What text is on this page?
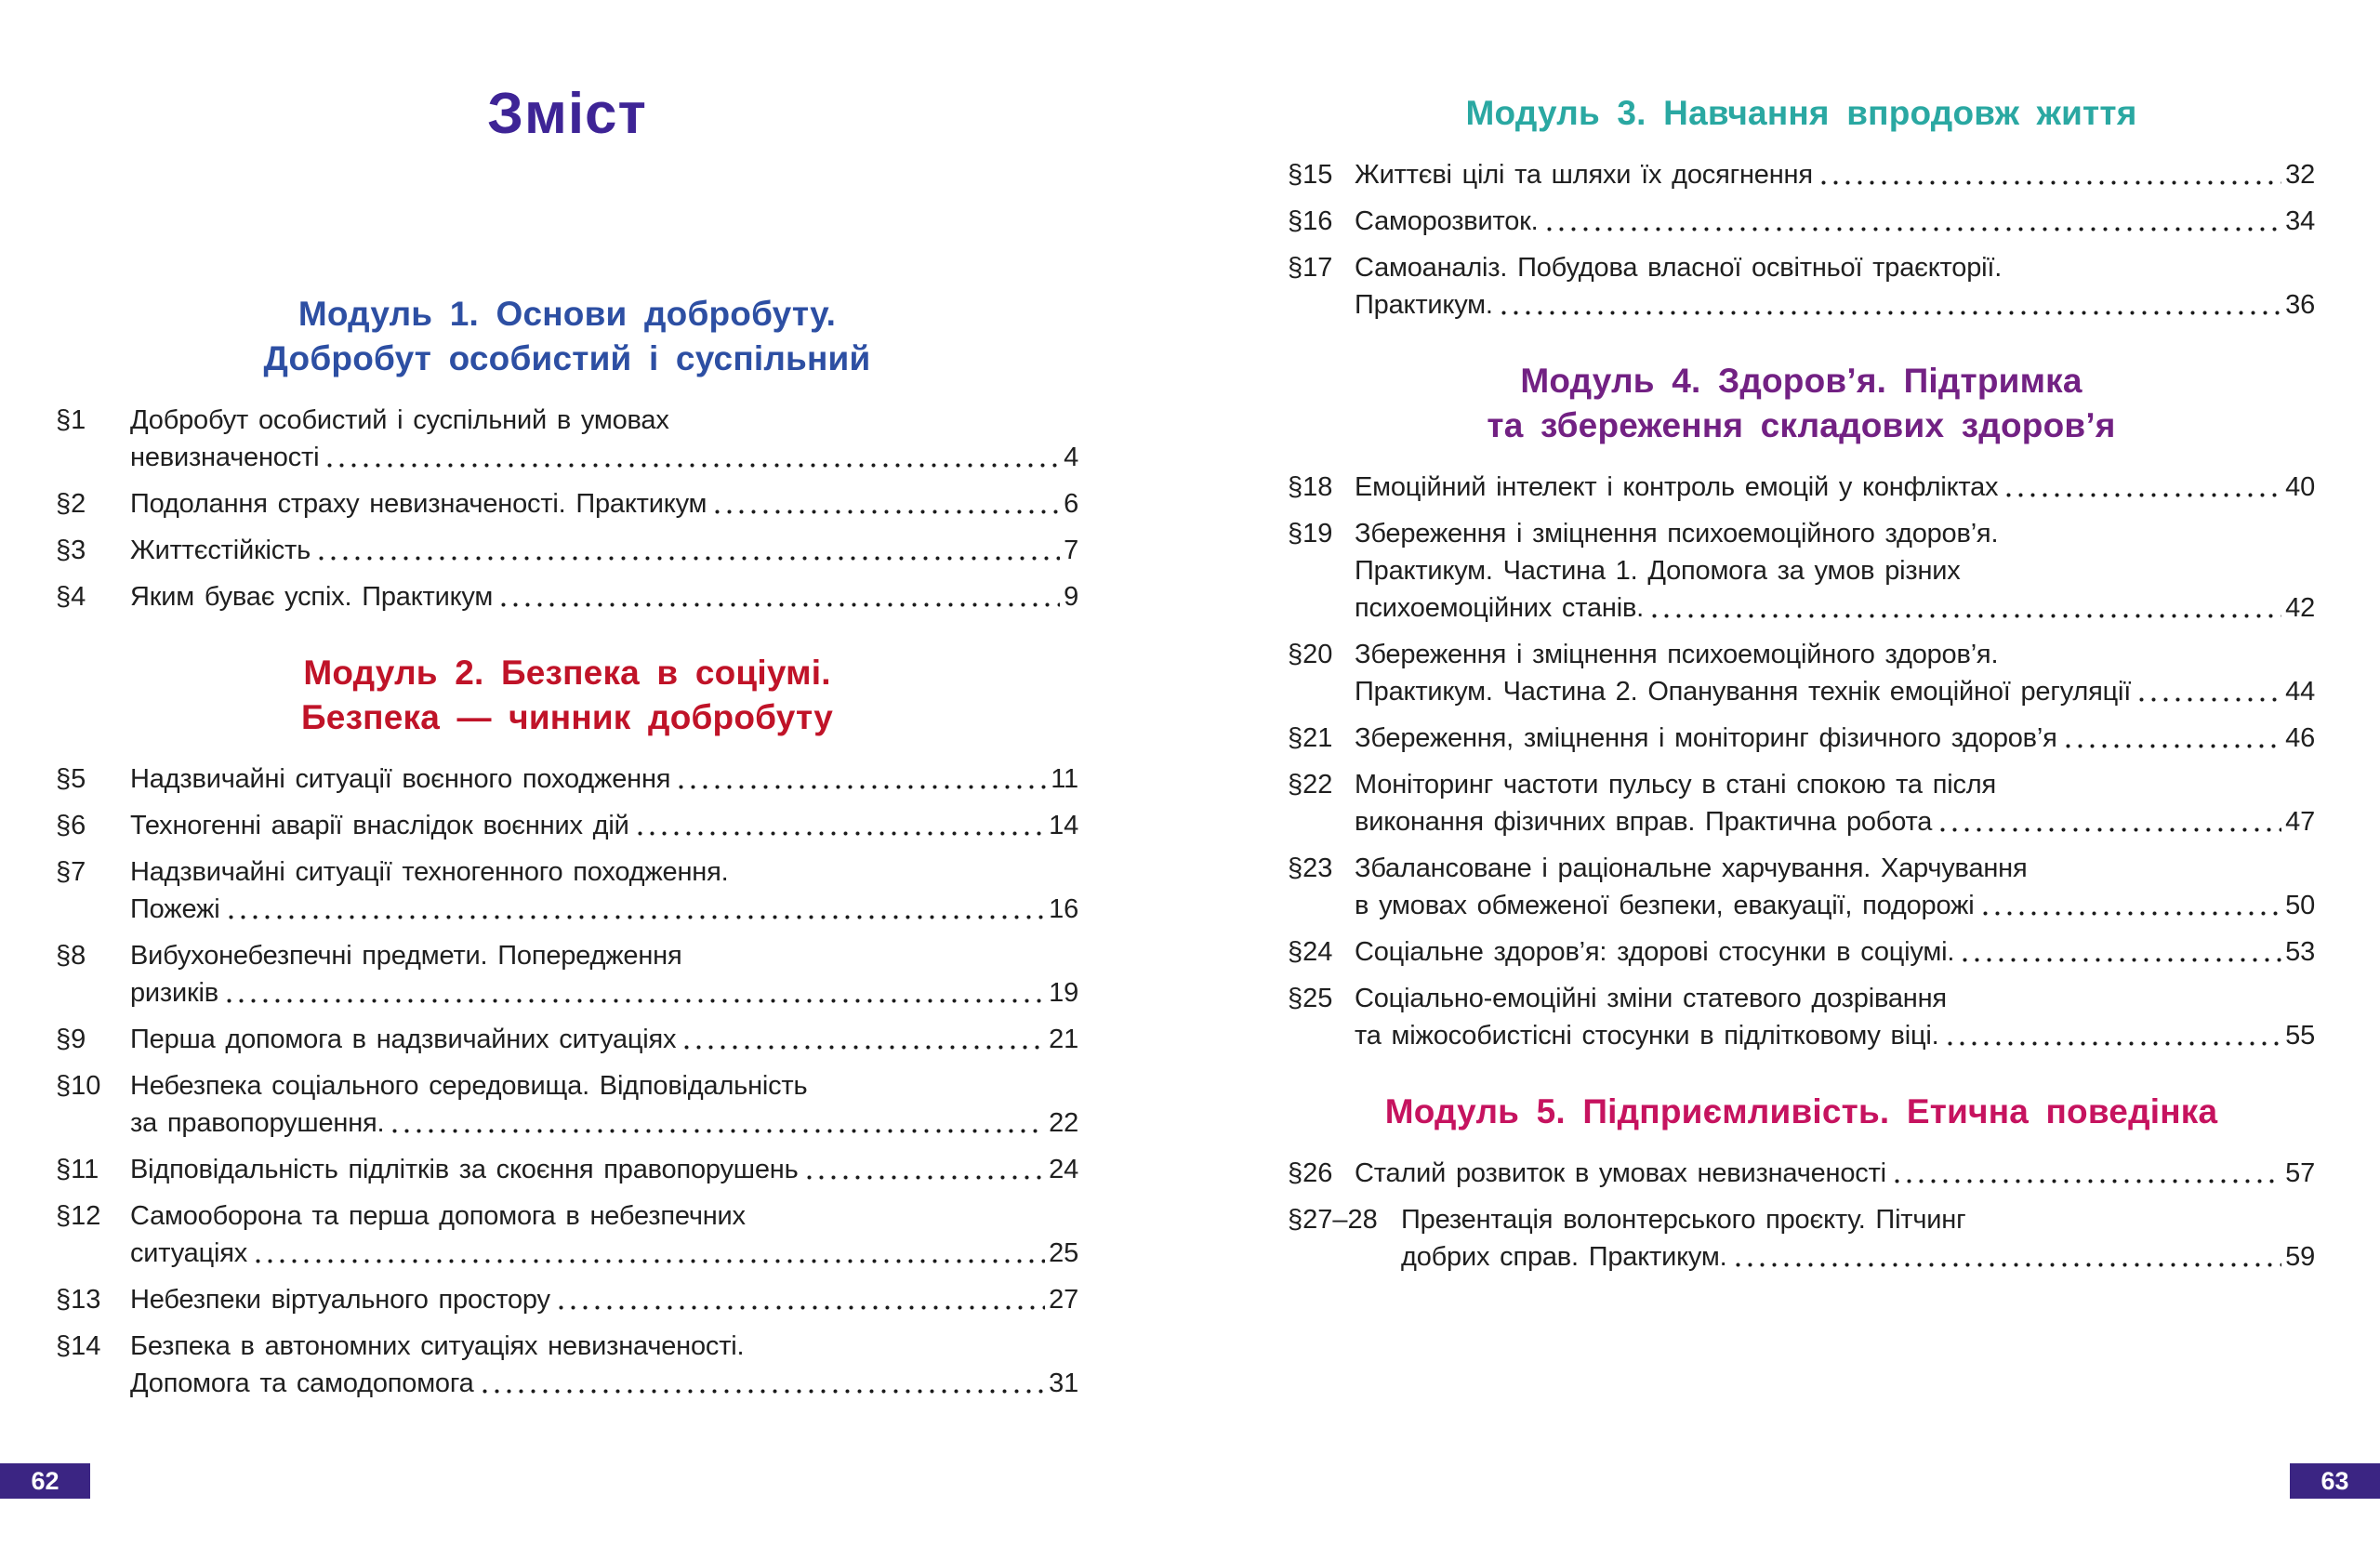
Зміст
Модуль 1. Основи добробуту.
Добробут особистий і суспільний
§1	Добробут особистий і суспільний в умовах
невизначеності	4
§2	Подолання страху невизначеності. Практикум	6
§3	Життєстійкість	7
§4	Яким буває успіх. Практикум	9
Модуль 2. Безпека в соціумі.
Безпека — чинник добробуту
§5	Надзвичайні ситуації воєнного походження	11
§6	Техногенні аварії внаслідок воєнних дій	14
§7	Надзвичайні ситуації техногенного походження.
Пожежі	16
§8	Вибухонебезпечні предмети. Попередження
ризиків	19
§9	Перша допомога в надзвичайних ситуаціях	21
§10	Небезпека соціального середовища. Відповідальність
за правопорушення.	22
§11	Відповідальність підлітків за скоєння правопорушень	24
§12	Самооборона та перша допомога в небезпечних
ситуаціях	25
§13	Небезпеки віртуального простору	27
§14	Безпека в автономних ситуаціях невизначеності.
Допомога та самодопомога	31
Модуль 3. Навчання впродовж життя
§15 Життєві цілі та шляхи їх досягнення	32
§16 Саморозвиток.	34
§17 Самоаналіз. Побудова власної освітньої траєкторії.
Практикум.	36
Модуль 4. Здоров’я. Підтримка
та збереження складових здоров’я
§18 Емоційний інтелект і контроль емоцій у конфліктах	40
§19 Збереження і зміцнення психоемоційного здоров’я.
Практикум. Частина 1. Допомога за умов різних
психоемоційних станів.	42
§20 Збереження і зміцнення психоемоційного здоров’я.
Практикум. Частина 2. Опанування технік емоційної регуляції	44
§21 Збереження, зміцнення і моніторинг фізичного здоров’я	46
§22 Моніторинг частоти пульсу в стані спокою та після
виконання фізичних вправ. Практична робота	47
§23 Збалансоване і раціональне харчування. Харчування
в умовах обмеженої безпеки, евакуації, подорожі	50
§24 Соціальне здоров’я: здорові стосунки в соціумі.	53
§25 Соціально-емоційні зміни статевого дозрівання
та міжособистісні стосунки в підлітковому віці.	55
Модуль 5. Підприємливість. Етична поведінка
§26 Сталий розвиток в умовах невизначеності	57
§27–28 Презентація волонтерського проєкту. Пітчинг
добрих справ. Практикум.	59
62	63
